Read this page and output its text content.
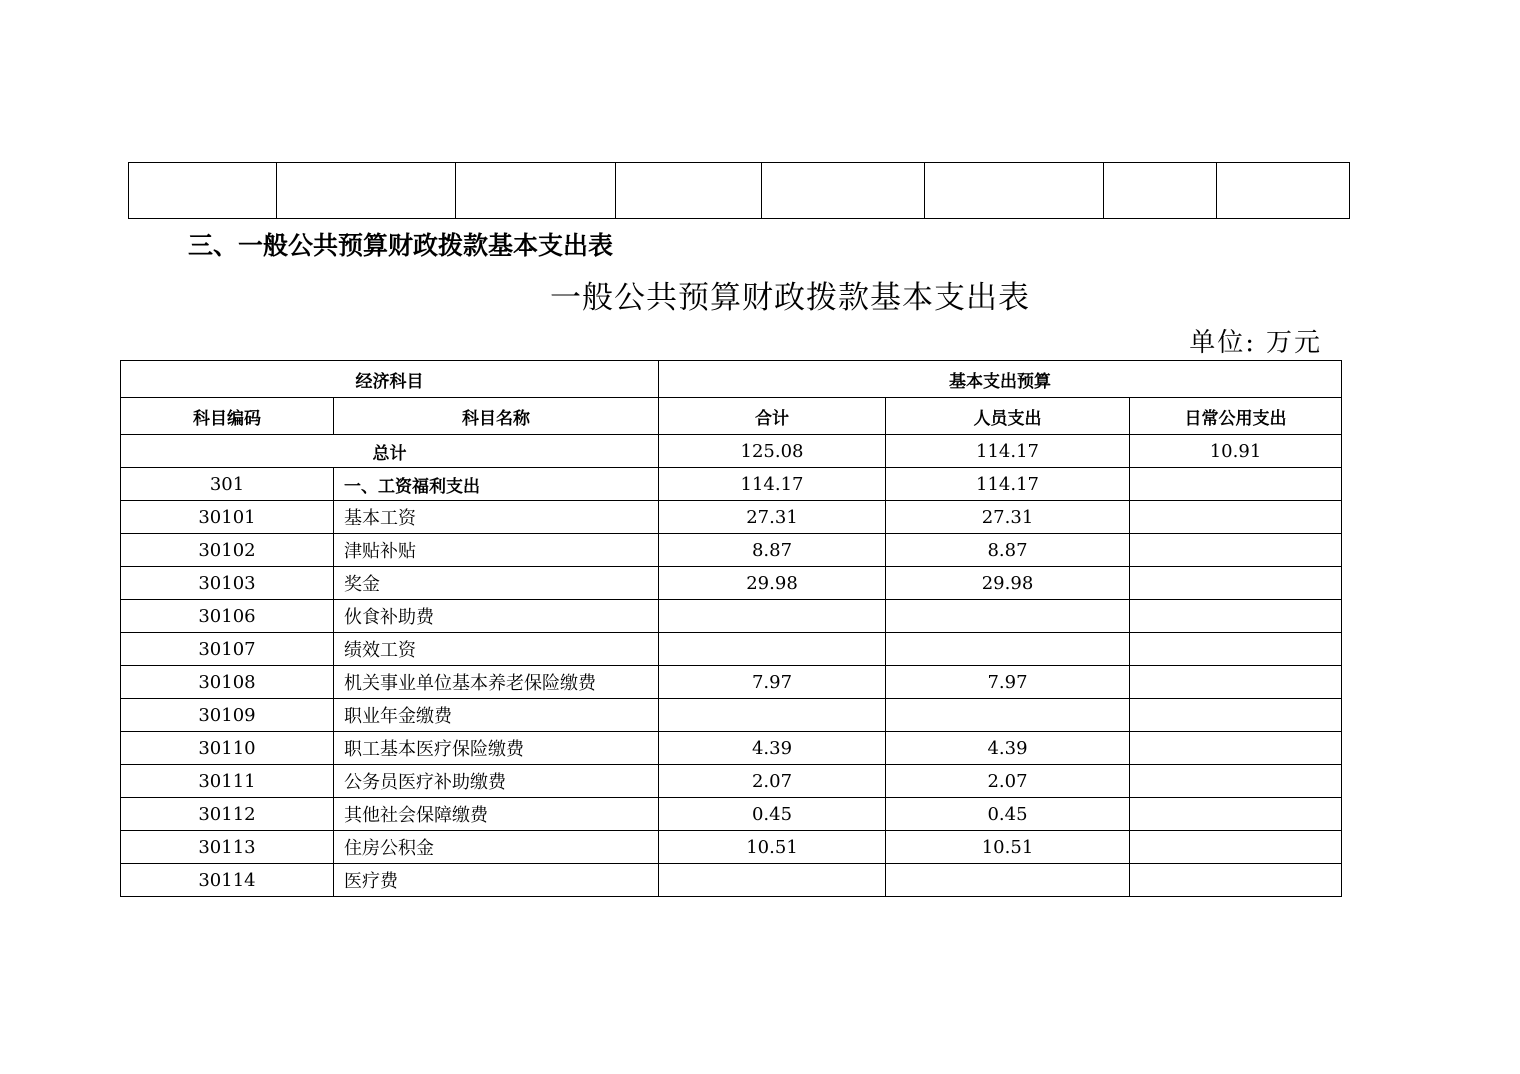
三、一般公共预算财政拨款基本支出表
一般公共预算财政拨款基本支出表
单位: 万元
经济科目		基本支出预算		
科目编码	科目名称	合计	人员支出	日常公用支出
总计		125.08	114.17	10.91
301	一、工资福利支出	114.17	114.17	
30101	基本工资	27.31	27.31	
30102	津贴补贴	8.87	8.87	
30103	奖金	29.98	29.98	
30106	伙食补助费			
30107	绩效工资			
30108	机关事业单位基本养老保险缴费	7.97	7.97	
30109	职业年金缴费			
30110	职工基本医疗保险缴费	4.39	4.39	
30111	公务员医疗补助缴费	2.07	2.07	
30112	其他社会保障缴费	0.45	0.45	
30113	住房公积金	10.51	10.51	
30114	医疗费			
